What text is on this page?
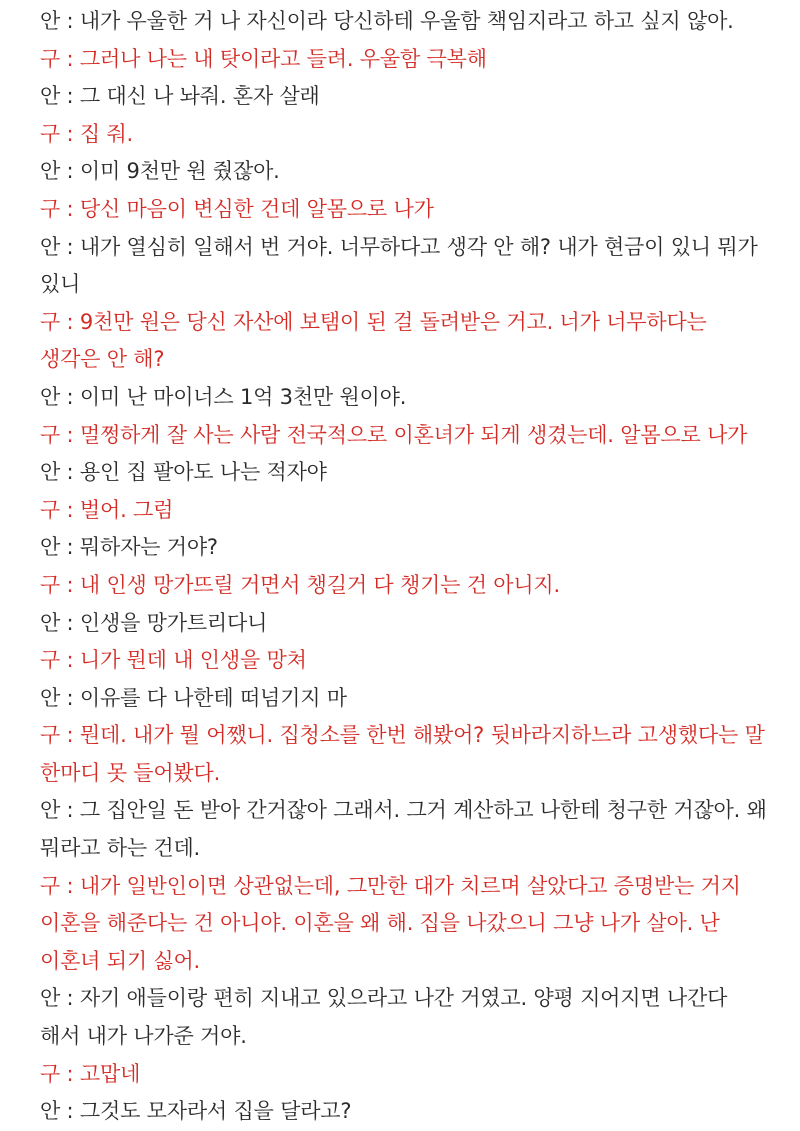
안 : 내가 우울한 거 나 자신이라 당신하테 우울함 책임지라고 하고 싶지 않아.

구 : 그러나 나는 내 탓이라고 들려. 우울함 극복해

안 : 그 대신 나 놔줘. 혼자 살래

구 : 집 줘.

안 : 이미 9천만 원 줬잖아.

구 : 당신 마음이 변심한 건데 알몸으로 나가

안 : 내가 열심히 일해서 번 거야. 너무하다고 생각 안 해? 내가 현금이 있니 뭐가 있니

구 : 9천만 원은 당신 자산에 보탬이 된 걸 돌려받은 거고. 너가 너무하다는 생각은 안 해?

안 : 이미 난 마이너스 1억 3천만 원이야.

구 : 멀쩡하게 잘 사는 사람 전국적으로 이혼녀가 되게 생겼는데. 알몸으로 나가

안 : 용인 집 팔아도 나는 적자야

구 : 벌어. 그럼

안 : 뭐하자는 거야?

구 : 내 인생 망가뜨릴 거면서 챙길거 다 챙기는 건 아니지.

안 : 인생을 망가트리다니

구 : 니가 뭔데 내 인생을 망쳐

안 : 이유를 다 나한테 떠넘기지 마

구 : 뭔데. 내가 뭘 어쨌니. 집청소를 한번 해봤어? 뒷바라지하느라 고생했다는 말 한마디 못 들어봤다.

안 : 그 집안일 돈 받아 간거잖아 그래서. 그거 계산하고 나한테 청구한 거잖아. 왜 뭐라고 하는 건데.

구 : 내가 일반인이면 상관없는데, 그만한 대가 치르며 살았다고 증명받는 거지 이혼을 해준다는 건 아니야. 이혼을 왜 해. 집을 나갔으니 그냥 나가 살아. 난 이혼녀 되기 싫어.

안 : 자기 애들이랑 편히 지내고 있으라고 나간 거였고. 양평 지어지면 나간다 해서 내가 나가준 거야.

구 : 고맙네

안 : 그것도 모자라서 집을 달라고?
